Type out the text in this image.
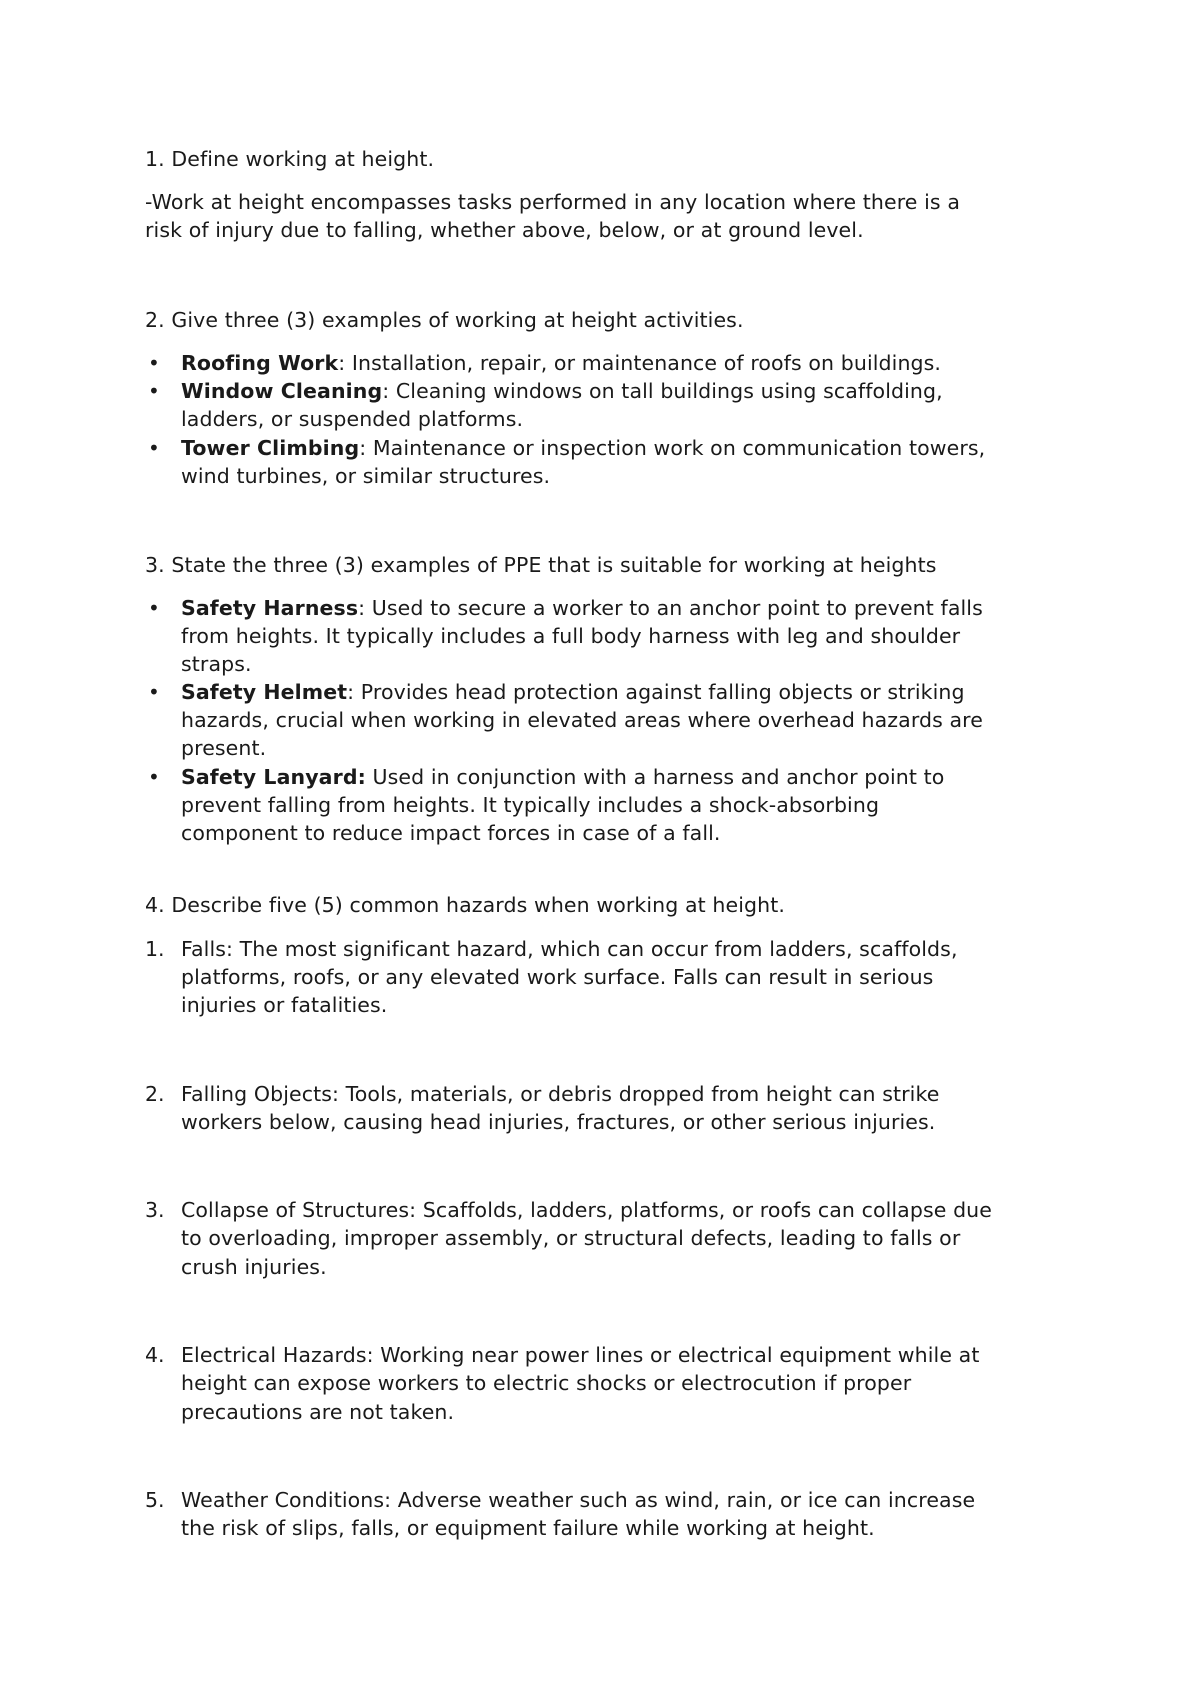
1. Define working at height.
-Work at height encompasses tasks performed in any location where there is a
risk of injury due to falling, whether above, below, or at ground level.
2. Give three (3) examples of working at height activities.
• Roofing Work: Installation, repair, or maintenance of roofs on buildings.
• Window Cleaning: Cleaning windows on tall buildings using scaffolding,
ladders, or suspended platforms.
• Tower Climbing: Maintenance or inspection work on communication towers,
wind turbines, or similar structures.
3. State the three (3) examples of PPE that is suitable for working at heights
• Safety Harness: Used to secure a worker to an anchor point to prevent falls
from heights. It typically includes a full body harness with leg and shoulder
straps.
• Safety Helmet: Provides head protection against falling objects or striking
hazards, crucial when working in elevated areas where overhead hazards are
present.
• Safety Lanyard: Used in conjunction with a harness and anchor point to
prevent falling from heights. It typically includes a shock-absorbing
component to reduce impact forces in case of a fall.
4. Describe five (5) common hazards when working at height.
1. Falls: The most significant hazard, which can occur from ladders, scaffolds,
platforms, roofs, or any elevated work surface. Falls can result in serious
injuries or fatalities.
2. Falling Objects: Tools, materials, or debris dropped from height can strike
workers below, causing head injuries, fractures, or other serious injuries.
3. Collapse of Structures: Scaffolds, ladders, platforms, or roofs can collapse due
to overloading, improper assembly, or structural defects, leading to falls or
crush injuries.
4. Electrical Hazards: Working near power lines or electrical equipment while at
height can expose workers to electric shocks or electrocution if proper
precautions are not taken.
5. Weather Conditions: Adverse weather such as wind, rain, or ice can increase
the risk of slips, falls, or equipment failure while working at height.
